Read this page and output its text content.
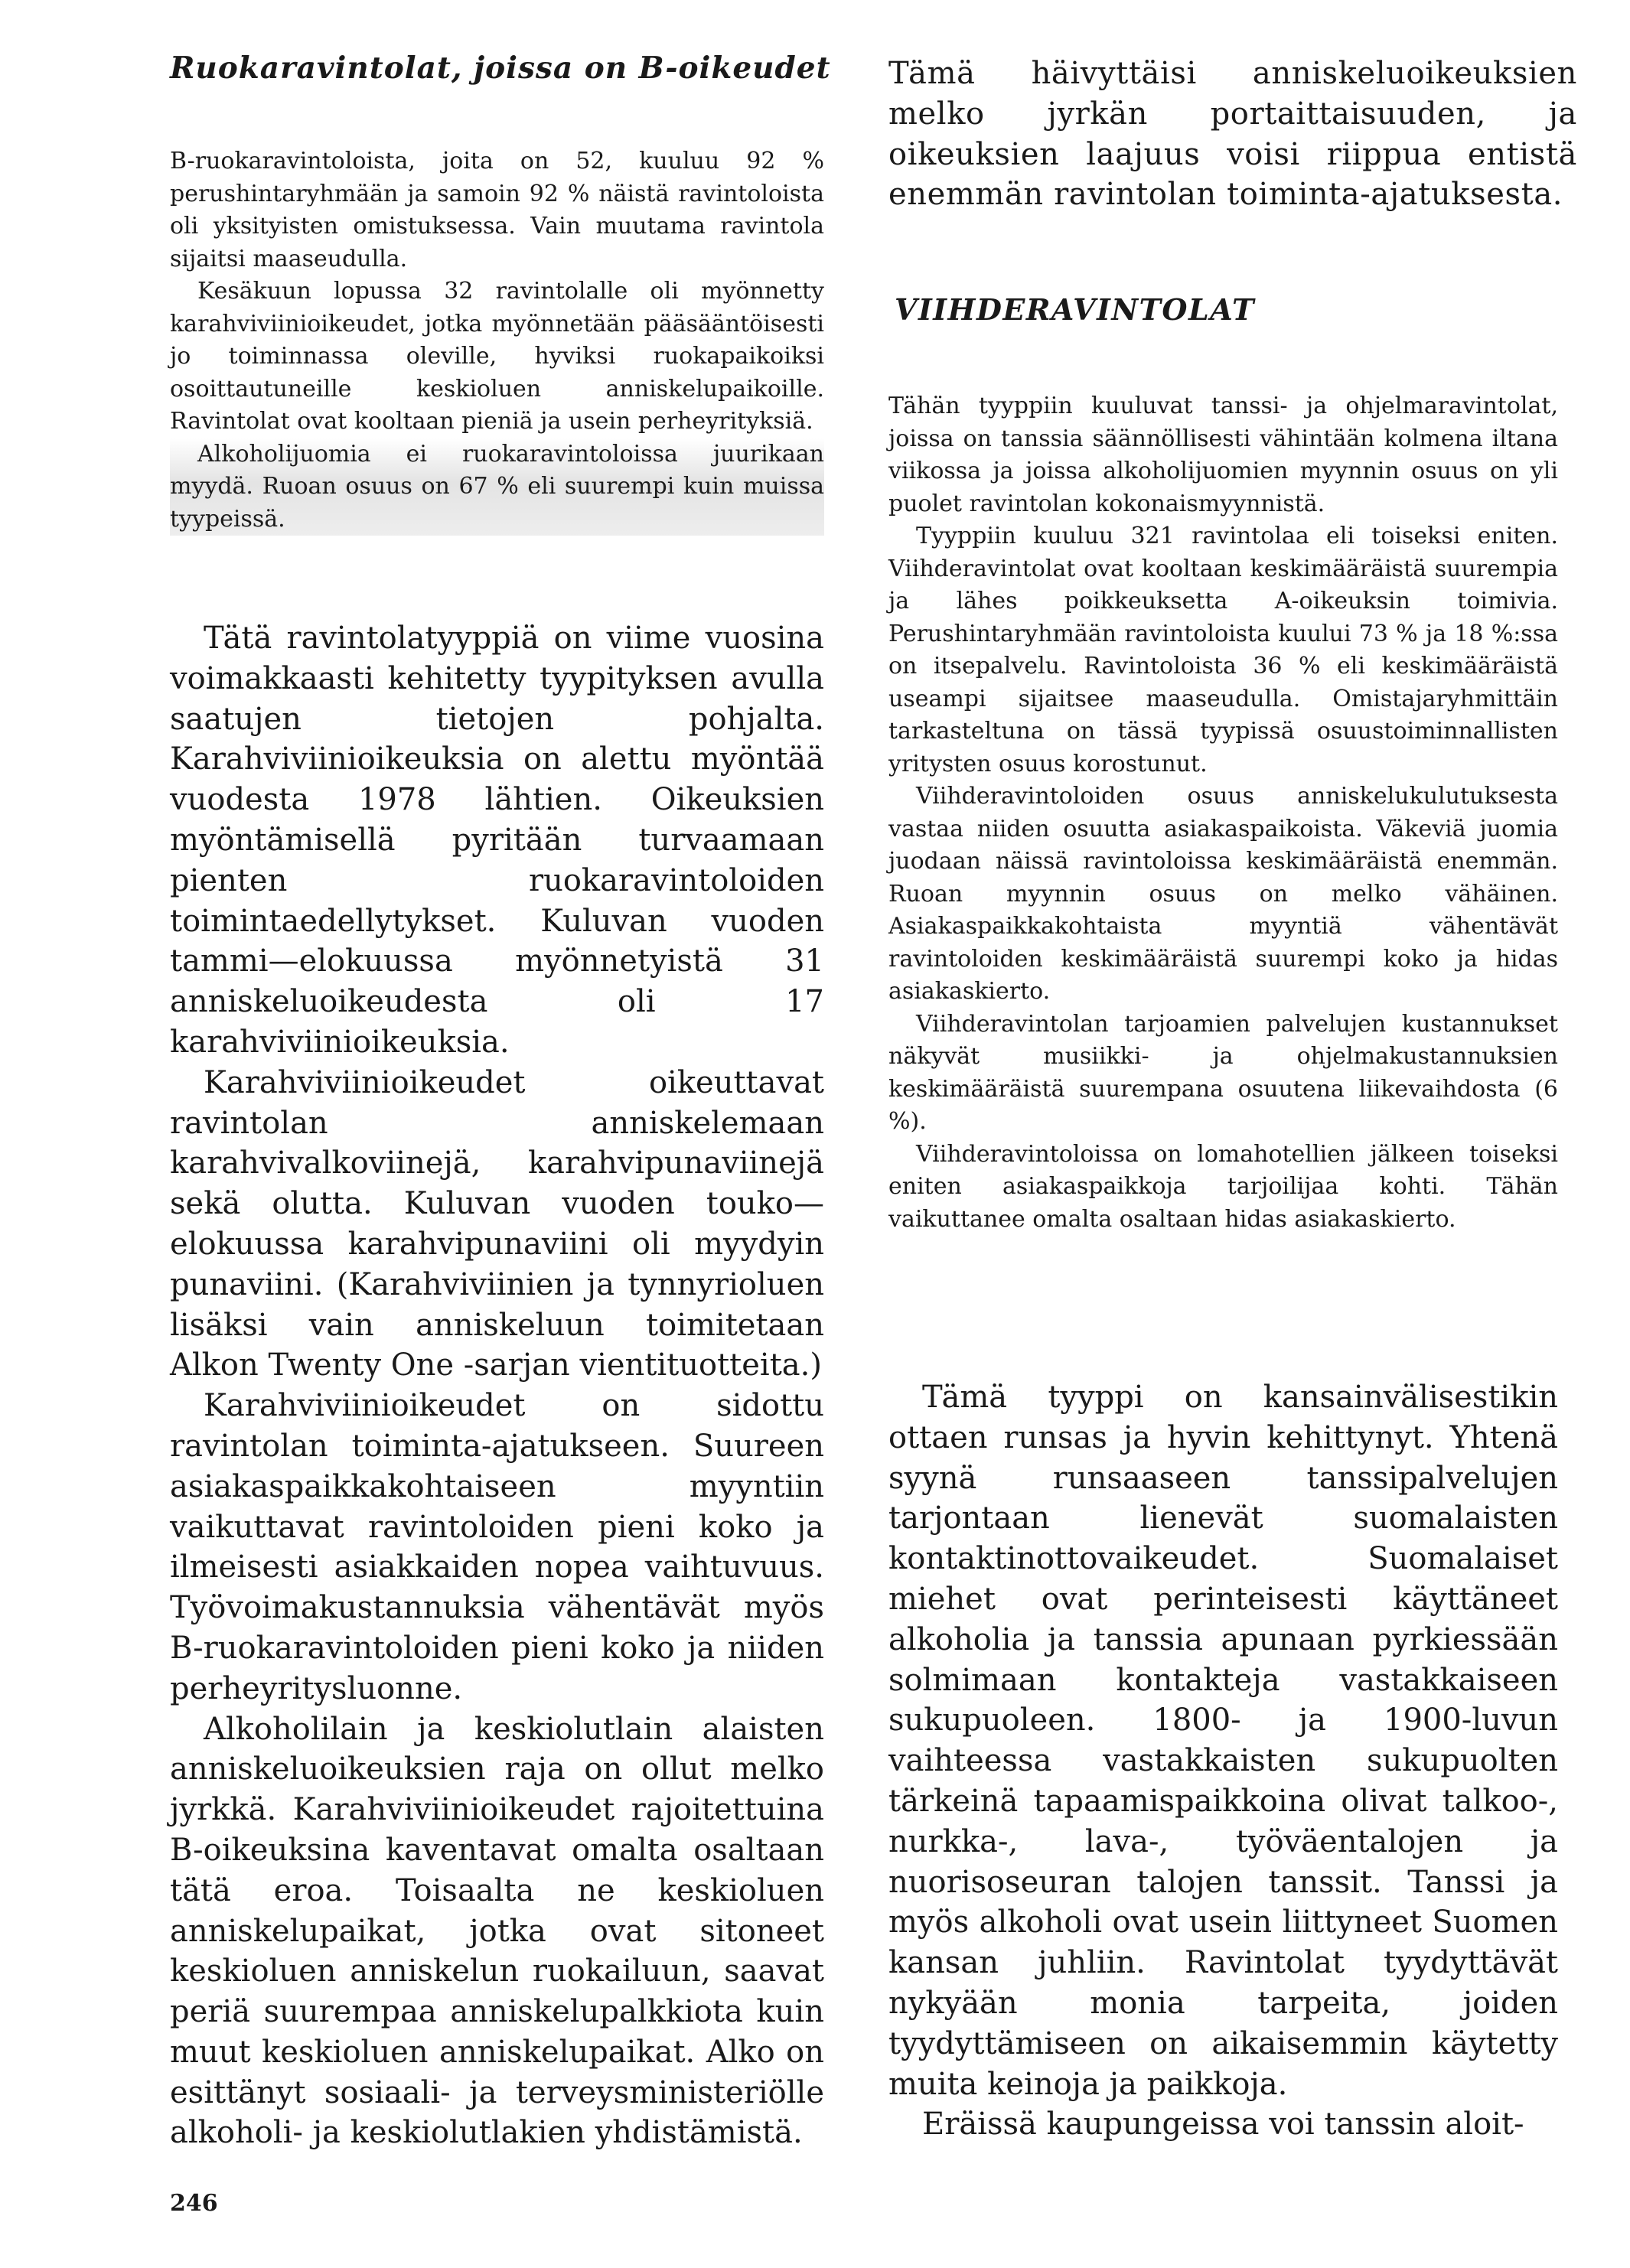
Ruokaravintolat, joissa on B-oikeudet

B-ruokaravintoloista, joita on 52, kuuluu 92 % perushintaryhmään ja samoin 92 % näistä ravintoloista oli yksityisten omistuksessa. Vain muutama ravintola sijaitsi maaseudulla.

Kesäkuun lopussa 32 ravintolalle oli myönnetty karahviviinioikeudet, jotka myönnetään pääsääntöisesti jo toiminnassa oleville, hyviksi ruokapaikoiksi osoittautuneille keskioluen anniskelupaikoille. Ravintolat ovat kooltaan pieniä ja usein perheyrityksiä.

Alkoholijuomia ei ruokaravintoloissa juurikaan myydä. Ruoan osuus on 67 % eli suurempi kuin muissa tyypeissä.

Tätä ravintolatyyppiä on viime vuosina voimakkaasti kehitetty tyypityksen avulla saatujen tietojen pohjalta. Karahviviinioikeuksia on alettu myöntää vuodesta 1978 lähtien. Oikeuksien myöntämisellä pyritään turvaamaan pienten ruokaravintoloiden toimintaedellytykset. Kuluvan vuoden tammi—elokuussa myönnetyistä 31 anniskeluoikeudesta oli 17 karahviviinioikeuksia.

Karahviviinioikeudet oikeuttavat ravintolan anniskelemaan karahvivalkoviinejä, karahvipunaviinejä sekä olutta. Kuluvan vuoden touko—elokuussa karahvipunaviini oli myydyin punaviini. (Karahviviinien ja tynnyrioluen lisäksi vain anniskeluun toimitetaan Alkon Twenty One -sarjan vientituotteita.)

Karahviviinioikeudet on sidottu ravintolan toiminta-ajatukseen. Suureen asiakaspaikkakohtaiseen myyntiin vaikuttavat ravintoloiden pieni koko ja ilmeisesti asiakkaiden nopea vaihtuvuus. Työvoimakustannuksia vähentävät myös B-ruokaravintoloiden pieni koko ja niiden perheyritysluonne.

Alkoholilain ja keskiolutlain alaisten anniskeluoikeuksien raja on ollut melko jyrkkä. Karahviviinioikeudet rajoitettuina B-oikeuksina kaventavat omalta osaltaan tätä eroa. Toisaalta ne keskioluen anniskelupaikat, jotka ovat sitoneet keskioluen anniskelun ruokailuun, saavat periä suurempaa anniskelupalkkiota kuin muut keskioluen anniskelupaikat. Alko on esittänyt sosiaali- ja terveysministeriölle alkoholi- ja keskiolutlakien yhdistämistä.

Tämä häivyttäisi anniskeluoikeuksien melko jyrkän portaittaisuuden, ja oikeuksien laajuus voisi riippua entistä enemmän ravintolan toiminta-ajatuksesta.

VIIHDERAVINTOLAT

Tähän tyyppiin kuuluvat tanssi- ja ohjelmaravintolat, joissa on tanssia säännöllisesti vähintään kolmena iltana viikossa ja joissa alkoholijuomien myynnin osuus on yli puolet ravintolan kokonaismyynnistä.

Tyyppiin kuuluu 321 ravintolaa eli toiseksi eniten. Viihderavintolat ovat kooltaan keskimääräistä suurempia ja lähes poikkeuksetta A-oikeuksin toimivia. Perushintaryhmään ravintoloista kuului 73 % ja 18 %:ssa on itsepalvelu. Ravintoloista 36 % eli keskimääräistä useampi sijaitsee maaseudulla. Omistajaryhmittäin tarkasteltuna on tässä tyypissä osuustoiminnallisten yritysten osuus korostunut.

Viihderavintoloiden osuus anniskelukulutuksesta vastaa niiden osuutta asiakaspaikoista. Väkeviä juomia juodaan näissä ravintoloissa keskimääräistä enemmän. Ruoan myynnin osuus on melko vähäinen. Asiakaspaikkakohtaista myyntiä vähentävät ravintoloiden keskimääräistä suurempi koko ja hidas asiakaskierto.

Viihderavintolan tarjoamien palvelujen kustannukset näkyvät musiikki- ja ohjelmakustannuksien keskimääräistä suurempana osuutena liikevaihdosta (6 %).

Viihderavintoloissa on lomahotellien jälkeen toiseksi eniten asiakaspaikkoja tarjoilijaa kohti. Tähän vaikuttanee omalta osaltaan hidas asiakaskierto.

Tämä tyyppi on kansainvälisestikin ottaen runsas ja hyvin kehittynyt. Yhtenä syynä runsaaseen tanssipalvelujen tarjontaan lienevät suomalaisten kontaktinottovaikeudet. Suomalaiset miehet ovat perinteisesti käyttäneet alkoholia ja tanssia apunaan pyrkiessään solmimaan kontakteja vastakkaiseen sukupuoleen. 1800- ja 1900-luvun vaihteessa vastakkaisten sukupuolten tärkeinä tapaamispaikkoina olivat talkoo-, nurkka-, lava-, työväentalojen ja nuorisoseuran talojen tanssit. Tanssi ja myös alkoholi ovat usein liittyneet Suomen kansan juhliin. Ravintolat tyydyttävät nykyään monia tarpeita, joiden tyydyttämiseen on aikaisemmin käytetty muita keinoja ja paikkoja.

Eräissä kaupungeissa voi tanssin aloit-

246
